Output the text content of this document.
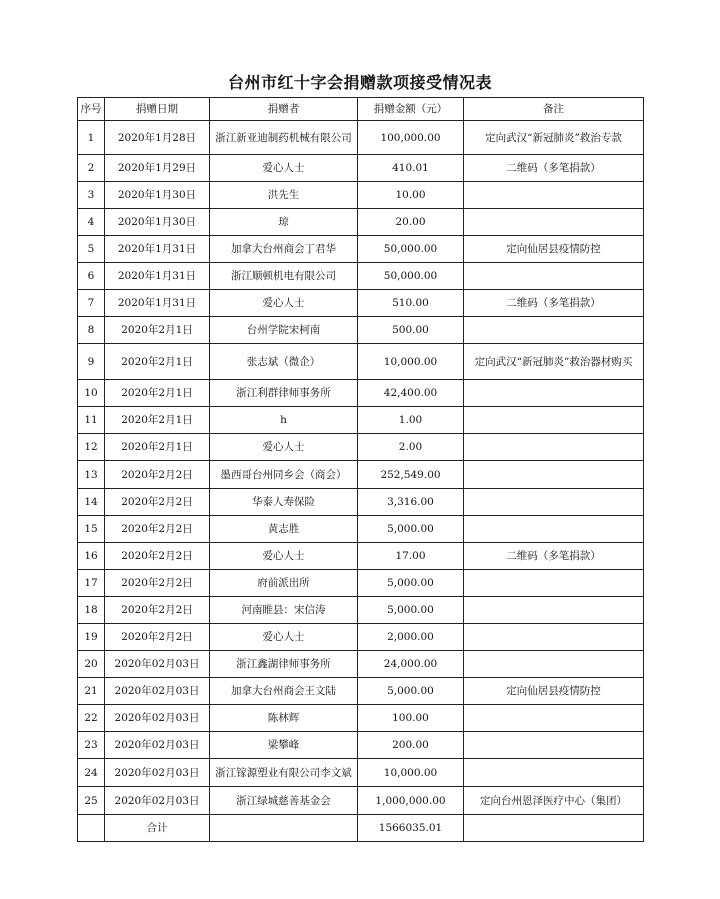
台州市红十字会捐赠款项接受情况表
序号	捐赠日期	捐赠者	捐赠金额（元）	备注
1	2020年1月28日	浙江新亚迪制药机械有限公司	100,000.00	定向武汉“新冠肺炎”救治专款
2	2020年1月29日	爱心人士	410.01	二维码（多笔捐款）
3	2020年1月30日	洪先生	10.00	
4	2020年1月30日	琼	20.00	
5	2020年1月31日	加拿大台州商会丁君华	50,000.00	定向仙居县疫情防控
6	2020年1月31日	浙江顺顿机电有限公司	50,000.00	
7	2020年1月31日	爱心人士	510.00	二维码（多笔捐款）
8	2020年2月1日	台州学院宋柯南	500.00	
9	2020年2月1日	张志斌（微企）	10,000.00	定向武汉“新冠肺炎”救治器材购买
10	2020年2月1日	浙江利群律师事务所	42,400.00	
11	2020年2月1日	h	1.00	
12	2020年2月1日	爱心人士	2.00	
13	2020年2月2日	墨西哥台州同乡会（商会）	252,549.00	
14	2020年2月2日	华泰人寿保险	3,316.00	
15	2020年2月2日	黄志胜	5,000.00	
16	2020年2月2日	爱心人士	17.00	二维码（多笔捐款）
17	2020年2月2日	府前派出所	5,000.00	
18	2020年2月2日	河南睢县：宋信涛	5,000.00	
19	2020年2月2日	爱心人士	2,000.00	
20	2020年02月03日	浙江鑫湖律师事务所	24,000.00	
21	2020年02月03日	加拿大台州商会王文陆	5,000.00	定向仙居县疫情防控
22	2020年02月03日	陈林辉	100.00	
23	2020年02月03日	梁攀峰	200.00	
24	2020年02月03日	浙江镓源塑业有限公司李文斌	10,000.00	
25	2020年02月03日	浙江绿城慈善基金会	1,000,000.00	定向台州恩泽医疗中心（集团）
	合计		1566035.01	
